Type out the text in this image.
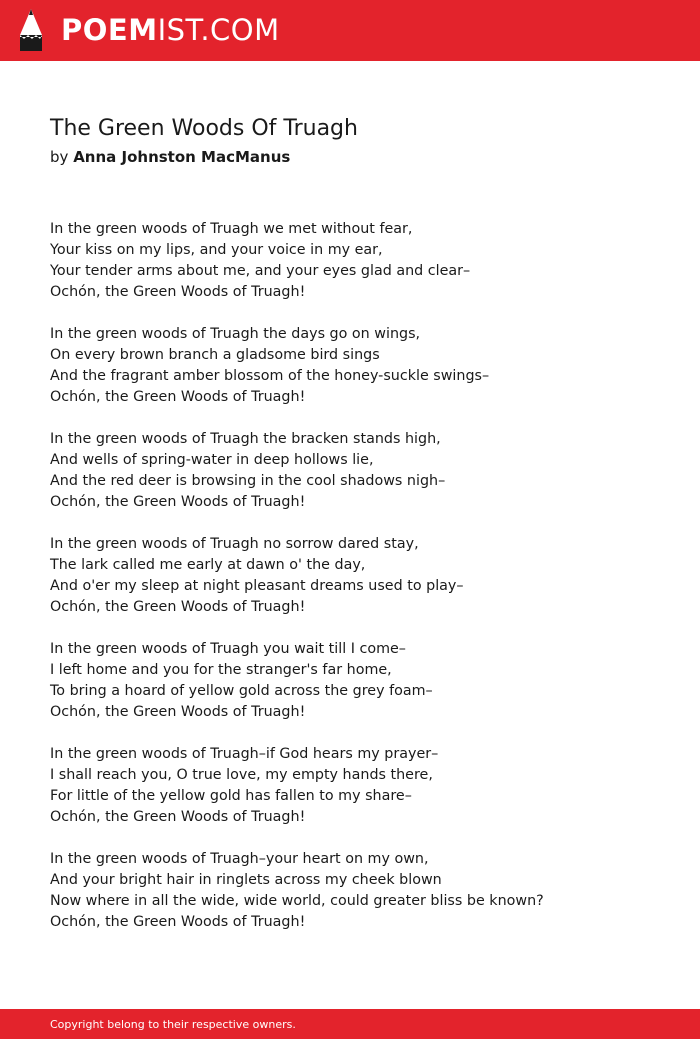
POEMIST.COM
The Green Woods Of Truagh
by Anna Johnston MacManus
In the green woods of Truagh we met without fear,
Your kiss on my lips, and your voice in my ear,
Your tender arms about me, and your eyes glad and clear–
Ochón, the Green Woods of Truagh!
In the green woods of Truagh the days go on wings,
On every brown branch a gladsome bird sings
And the fragrant amber blossom of the honey-suckle swings–
Ochón, the Green Woods of Truagh!
In the green woods of Truagh the bracken stands high,
And wells of spring-water in deep hollows lie,
And the red deer is browsing in the cool shadows nigh–
Ochón, the Green Woods of Truagh!
In the green woods of Truagh no sorrow dared stay,
The lark called me early at dawn o' the day,
And o'er my sleep at night pleasant dreams used to play–
Ochón, the Green Woods of Truagh!
In the green woods of Truagh you wait till I come–
I left home and you for the stranger's far home,
To bring a hoard of yellow gold across the grey foam–
Ochón, the Green Woods of Truagh!
In the green woods of Truagh–if God hears my prayer–
I shall reach you, O true love, my empty hands there,
For little of the yellow gold has fallen to my share–
Ochón, the Green Woods of Truagh!
In the green woods of Truagh–your heart on my own,
And your bright hair in ringlets across my cheek blown
Now where in all the wide, wide world, could greater bliss be known?
Ochón, the Green Woods of Truagh!
Copyright belong to their respective owners.
